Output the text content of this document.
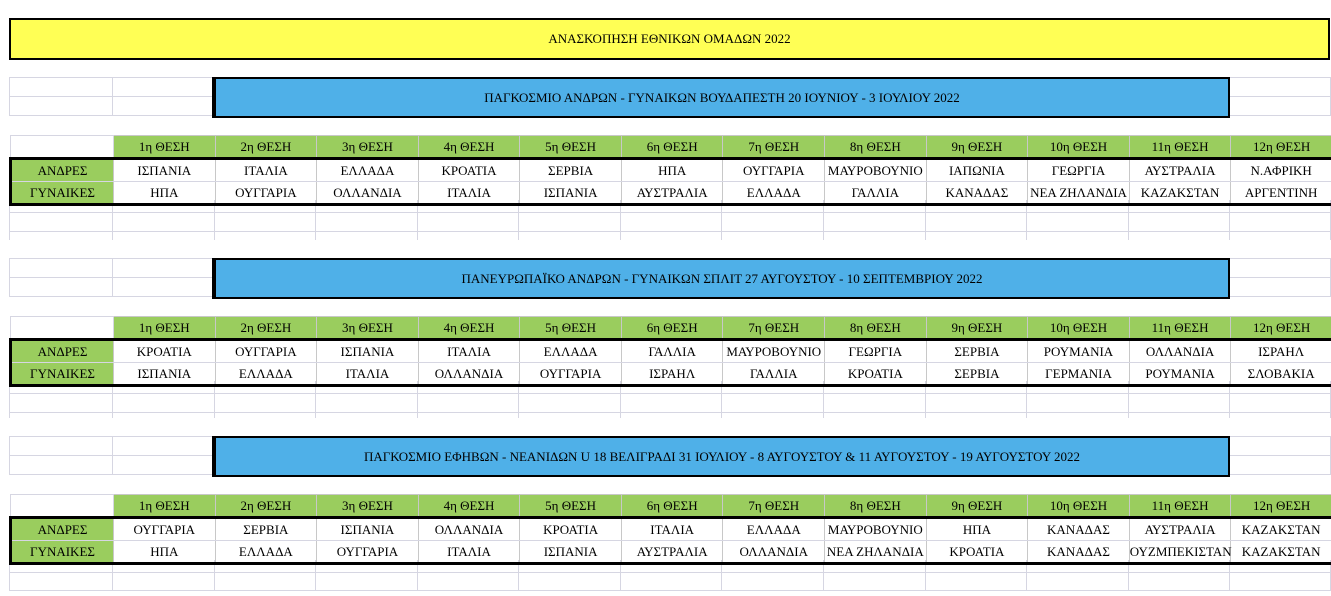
ΑΝΑΣΚΟΠΗΣΗ ΕΘΝΙΚΩΝ ΟΜΑΔΩΝ 2022
ΠΑΓΚΟΣΜΙΟ ΑΝΔΡΩΝ - ΓΥΝΑΙΚΩΝ ΒΟΥΔΑΠΕΣΤΗ 20 ΙΟΥΝΙΟΥ - 3 ΙΟΥΛΙΟΥ 2022
	1η ΘΕΣΗ	2η ΘΕΣΗ	3η ΘΕΣΗ	4η ΘΕΣΗ	5η ΘΕΣΗ	6η ΘΕΣΗ	7η ΘΕΣΗ	8η ΘΕΣΗ	9η ΘΕΣΗ	10η ΘΕΣΗ	11η ΘΕΣΗ	12η ΘΕΣΗ
ΑΝΔΡΕΣ	ΙΣΠΑΝΙΑ	ΙΤΑΛΙΑ	ΕΛΛΑΔΑ	ΚΡΟΑΤΙΑ	ΣΕΡΒΙΑ	ΗΠΑ	ΟΥΓΓΑΡΙΑ	ΜΑΥΡΟΒΟΥΝΙΟ	ΙΑΠΩΝΙΑ	ΓΕΩΡΓΙΑ	ΑΥΣΤΡΑΛΙΑ	Ν.ΑΦΡΙΚΗ
ΓΥΝΑΙΚΕΣ	ΗΠΑ	ΟΥΓΓΑΡΙΑ	ΟΛΛΑΝΔΙΑ	ΙΤΑΛΙΑ	ΙΣΠΑΝΙΑ	ΑΥΣΤΡΑΛΙΑ	ΕΛΛΑΔΑ	ΓΑΛΛΙΑ	ΚΑΝΑΔΑΣ	ΝΕΑ ΖΗΛΑΝΔΙΑ	ΚΑΖΑΚΣΤΑΝ	ΑΡΓΕΝΤΙΝΗ
ΠΑΝΕΥΡΩΠΑΪΚΟ ΑΝΔΡΩΝ - ΓΥΝΑΙΚΩΝ ΣΠΛΙΤ 27 ΑΥΓΟΥΣΤΟΥ - 10 ΣΕΠΤΕΜΒΡΙΟΥ 2022
	1η ΘΕΣΗ	2η ΘΕΣΗ	3η ΘΕΣΗ	4η ΘΕΣΗ	5η ΘΕΣΗ	6η ΘΕΣΗ	7η ΘΕΣΗ	8η ΘΕΣΗ	9η ΘΕΣΗ	10η ΘΕΣΗ	11η ΘΕΣΗ	12η ΘΕΣΗ
ΑΝΔΡΕΣ	ΚΡΟΑΤΙΑ	ΟΥΓΓΑΡΙΑ	ΙΣΠΑΝΙΑ	ΙΤΑΛΙΑ	ΕΛΛΑΔΑ	ΓΑΛΛΙΑ	ΜΑΥΡΟΒΟΥΝΙΟ	ΓΕΩΡΓΙΑ	ΣΕΡΒΙΑ	ΡΟΥΜΑΝΙΑ	ΟΛΛΑΝΔΙΑ	ΙΣΡΑΗΛ
ΓΥΝΑΙΚΕΣ	ΙΣΠΑΝΙΑ	ΕΛΛΑΔΑ	ΙΤΑΛΙΑ	ΟΛΛΑΝΔΙΑ	ΟΥΓΓΑΡΙΑ	ΙΣΡΑΗΛ	ΓΑΛΛΙΑ	ΚΡΟΑΤΙΑ	ΣΕΡΒΙΑ	ΓΕΡΜΑΝΙΑ	ΡΟΥΜΑΝΙΑ	ΣΛΟΒΑΚΙΑ
ΠΑΓΚΟΣΜΙΟ ΕΦΗΒΩΝ - ΝΕΑΝΙΔΩΝ U 18 ΒΕΛΙΓΡΑΔΙ 31 ΙΟΥΛΙΟΥ - 8 ΑΥΓΟΥΣΤΟΥ & 11 ΑΥΓΟΥΣΤΟΥ - 19 ΑΥΓΟΥΣΤΟΥ 2022
	1η ΘΕΣΗ	2η ΘΕΣΗ	3η ΘΕΣΗ	4η ΘΕΣΗ	5η ΘΕΣΗ	6η ΘΕΣΗ	7η ΘΕΣΗ	8η ΘΕΣΗ	9η ΘΕΣΗ	10η ΘΕΣΗ	11η ΘΕΣΗ	12η ΘΕΣΗ
ΑΝΔΡΕΣ	ΟΥΓΓΑΡΙΑ	ΣΕΡΒΙΑ	ΙΣΠΑΝΙΑ	ΟΛΛΑΝΔΙΑ	ΚΡΟΑΤΙΑ	ΙΤΑΛΙΑ	ΕΛΛΑΔΑ	ΜΑΥΡΟΒΟΥΝΙΟ	ΗΠΑ	ΚΑΝΑΔΑΣ	ΑΥΣΤΡΑΛΙΑ	ΚΑΖΑΚΣΤΑΝ
ΓΥΝΑΙΚΕΣ	ΗΠΑ	ΕΛΛΑΔΑ	ΟΥΓΓΑΡΙΑ	ΙΤΑΛΙΑ	ΙΣΠΑΝΙΑ	ΑΥΣΤΡΑΛΙΑ	ΟΛΛΑΝΔΙΑ	ΝΕΑ ΖΗΛΑΝΔΙΑ	ΚΡΟΑΤΙΑ	ΚΑΝΑΔΑΣ	ΟΥΖΜΠΕΚΙΣΤΑΝ	ΚΑΖΑΚΣΤΑΝ
